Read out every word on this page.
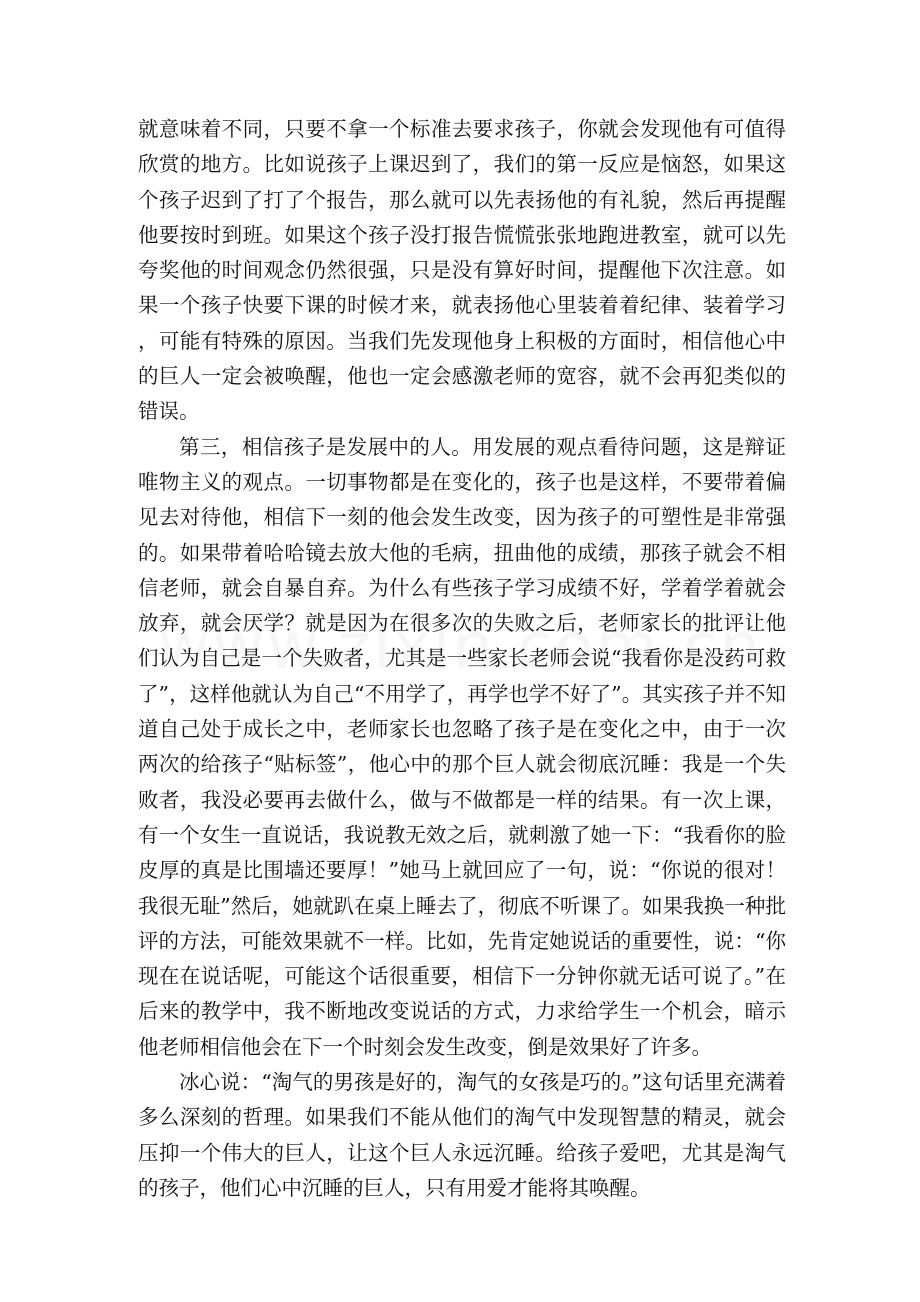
就意味着不同，只要不拿一个标准去要求孩子，你就会发现他有可值得欣赏的地方。比如说孩子上课迟到了，我们的第一反应是恼怒，如果这个孩子迟到了打了个报告，那么就可以先表扬他的有礼貌，然后再提醒他要按时到班。如果这个孩子没打报告慌慌张张地跑进教室，就可以先夸奖他的时间观念仍然很强，只是没有算好时间，提醒他下次注意。如果一个孩子快要下课的时候才来，就表扬他心里装着着纪律、装着学习，可能有特殊的原因。当我们先发现他身上积极的方面时，相信他心中的巨人一定会被唤醒，他也一定会感激老师的宽容，就不会再犯类似的错误。

第三，相信孩子是发展中的人。用发展的观点看待问题，这是辩证唯物主义的观点。一切事物都是在变化的，孩子也是这样，不要带着偏见去对待他，相信下一刻的他会发生改变，因为孩子的可塑性是非常强的。如果带着哈哈镜去放大他的毛病，扭曲他的成绩，那孩子就会不相信老师，就会自暴自弃。为什么有些孩子学习成绩不好，学着学着就会放弃，就会厌学？就是因为在很多次的失败之后，老师家长的批评让他们认为自己是一个失败者，尤其是一些家长老师会说“我看你是没药可救了”，这样他就认为自己“不用学了，再学也学不好了”。其实孩子并不知道自己处于成长之中，老师家长也忽略了孩子是在变化之中，由于一次两次的给孩子“贴标签”，他心中的那个巨人就会彻底沉睡：我是一个失败者，我没必要再去做什么，做与不做都是一样的结果。有一次上课，有一个女生一直说话，我说教无效之后，就刺激了她一下：“我看你的脸皮厚的真是比围墙还要厚！”她马上就回应了一句，说：“你说的很对！我很无耻”然后，她就趴在桌上睡去了，彻底不听课了。如果我换一种批评的方法，可能效果就不一样。比如，先肯定她说话的重要性，说：“你现在在说话呢，可能这个话很重要，相信下一分钟你就无话可说了。”在后来的教学中，我不断地改变说话的方式，力求给学生一个机会，暗示他老师相信他会在下一个时刻会发生改变，倒是效果好了许多。

冰心说：“淘气的男孩是好的，淘气的女孩是巧的。”这句话里充满着多么深刻的哲理。如果我们不能从他们的淘气中发现智慧的精灵，就会压抑一个伟大的巨人，让这个巨人永远沉睡。给孩子爱吧，尤其是淘气的孩子，他们心中沉睡的巨人，只有用爱才能将其唤醒。
